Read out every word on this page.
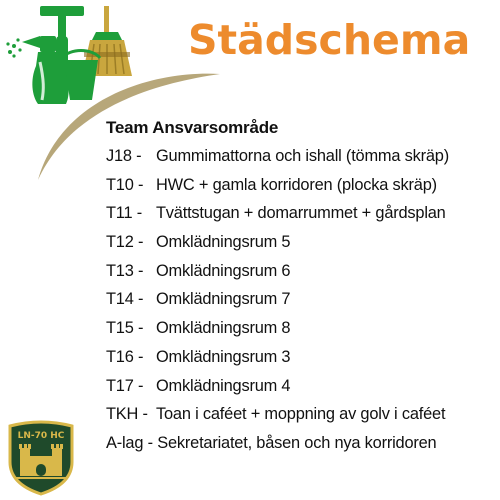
Städschema
Team Ansvarsområde
J18 - Gummimattorna och ishall (tömma skräp)
T10 - HWC + gamla korridoren (plocka skräp)
T11 - Tvättstugan + domarrummet + gårdsplan
T12 - Omklädningsrum 5
T13 - Omklädningsrum 6
T14 - Omklädningsrum 7
T15 - Omklädningsrum 8
T16 - Omklädningsrum 3
T17 - Omklädningsrum 4
TKH - Toan i caféet + moppning av golv i caféet
A-lag - Sekretariatet, båsen och nya korridoren
LN-70 HC
